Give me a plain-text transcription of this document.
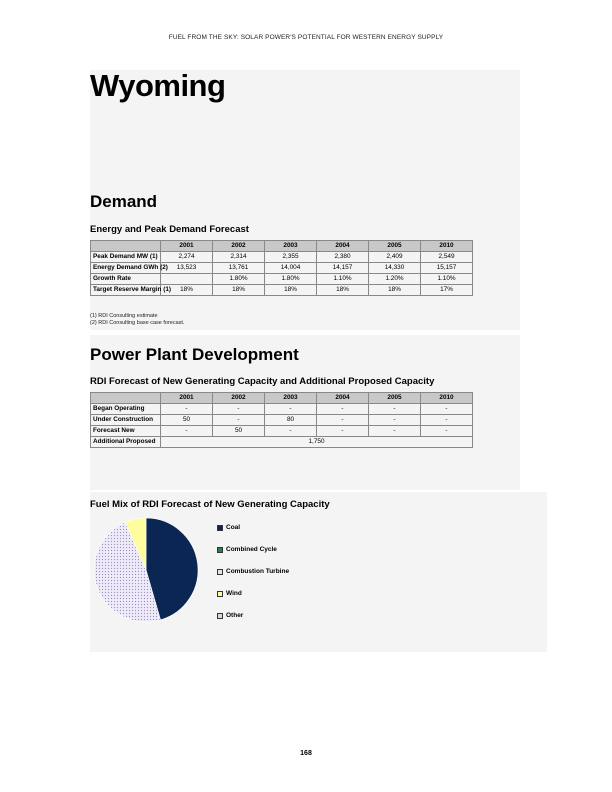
FUEL FROM THE SKY: SOLAR POWER'S POTENTIAL FOR WESTERN ENERGY SUPPLY
Wyoming
Demand
Energy and Peak Demand Forecast
	2001	2002	2003	2004	2005	2010
Peak Demand MW (1)	2,274	2,314	2,355	2,380	2,409	2,549
Energy Demand GWh (2)	13,523	13,761	14,004	14,157	14,330	15,157
Growth Rate		1.80%	1.80%	1.10%	1.20%	1.10%
Target Reserve Margin (1)	18%	18%	18%	18%	18%	17%
(1) RDI Consulting estimate
(2) RDI Consulting base case forecast.
Power Plant Development
RDI Forecast of New Generating Capacity and Additional Proposed Capacity
	2001	2002	2003	2004	2005	2010
Began Operating	-	-	-	-	-	-
Under Construction	50	-	80	-	-	-
Forecast New	-	50	-	-	-	-
Additional Proposed	1,750					
Fuel Mix of RDI Forecast of New Generating Capacity
Coal
Combined Cycle
Combustion Turbine
Wind
Other
168
